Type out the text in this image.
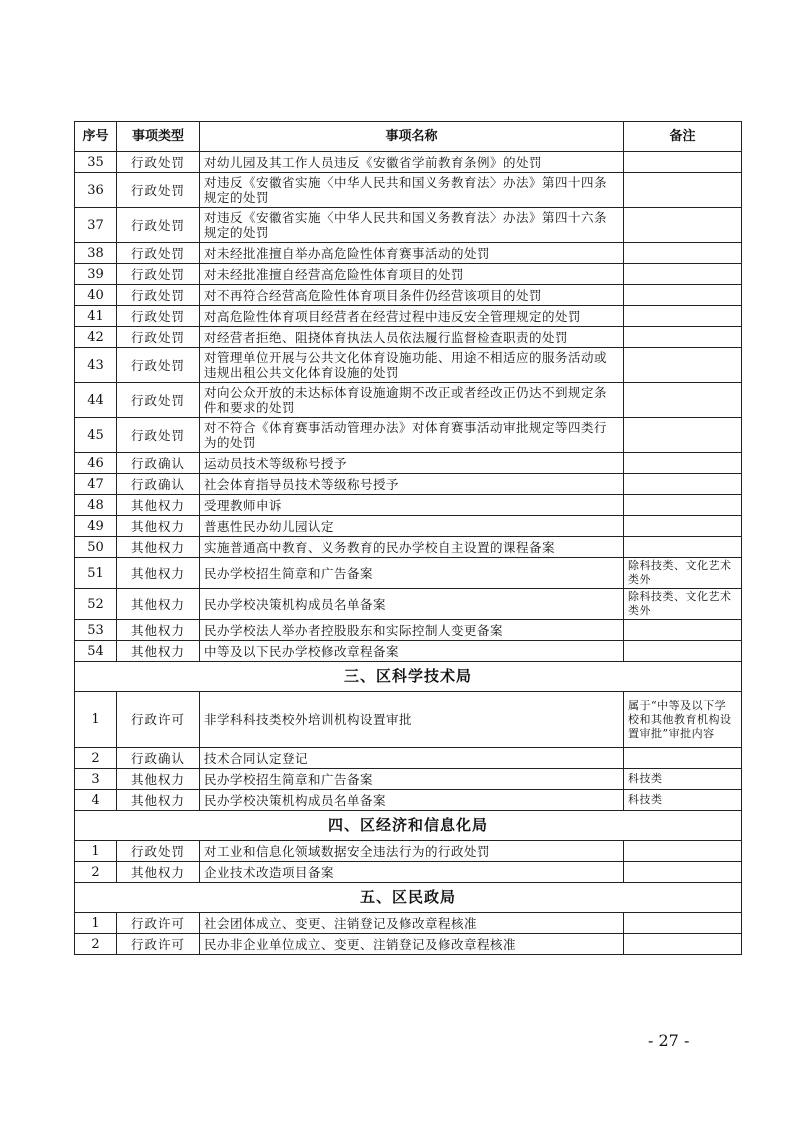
序号	事项类型	事项名称	备注
35	行政处罚	对幼儿园及其工作人员违反《安徽省学前教育条例》的处罚	
36	行政处罚	对违反《安徽省实施〈中华人民共和国义务教育法〉办法》第四十四条规定的处罚	
37	行政处罚	对违反《安徽省实施〈中华人民共和国义务教育法〉办法》第四十六条规定的处罚	
38	行政处罚	对未经批准擅自举办高危险性体育赛事活动的处罚	
39	行政处罚	对未经批准擅自经营高危险性体育项目的处罚	
40	行政处罚	对不再符合经营高危险性体育项目条件仍经营该项目的处罚	
41	行政处罚	对高危险性体育项目经营者在经营过程中违反安全管理规定的处罚	
42	行政处罚	对经营者拒绝、阻挠体育执法人员依法履行监督检查职责的处罚	
43	行政处罚	对管理单位开展与公共文化体育设施功能、用途不相适应的服务活动或违规出租公共文化体育设施的处罚	
44	行政处罚	对向公众开放的未达标体育设施逾期不改正或者经改正仍达不到规定条件和要求的处罚	
45	行政处罚	对不符合《体育赛事活动管理办法》对体育赛事活动审批规定等四类行为的处罚	
46	行政确认	运动员技术等级称号授予	
47	行政确认	社会体育指导员技术等级称号授予	
48	其他权力	受理教师申诉	
49	其他权力	普惠性民办幼儿园认定	
50	其他权力	实施普通高中教育、义务教育的民办学校自主设置的课程备案	
51	其他权力	民办学校招生简章和广告备案	除科技类、文化艺术类外
52	其他权力	民办学校决策机构成员名单备案	除科技类、文化艺术类外
53	其他权力	民办学校法人举办者控股股东和实际控制人变更备案	
54	其他权力	中等及以下民办学校修改章程备案	
三、区科学技术局			
1	行政许可	非学科科技类校外培训机构设置审批	属于“中等及以下学校和其他教育机构设置审批”审批内容
2	行政确认	技术合同认定登记	
3	其他权力	民办学校招生简章和广告备案	科技类
4	其他权力	民办学校决策机构成员名单备案	科技类
四、区经济和信息化局			
1	行政处罚	对工业和信息化领域数据安全违法行为的行政处罚	
2	其他权力	企业技术改造项目备案	
五、区民政局			
1	行政许可	社会团体成立、变更、注销登记及修改章程核准	
2	行政许可	民办非企业单位成立、变更、注销登记及修改章程核准	
- 27 -
